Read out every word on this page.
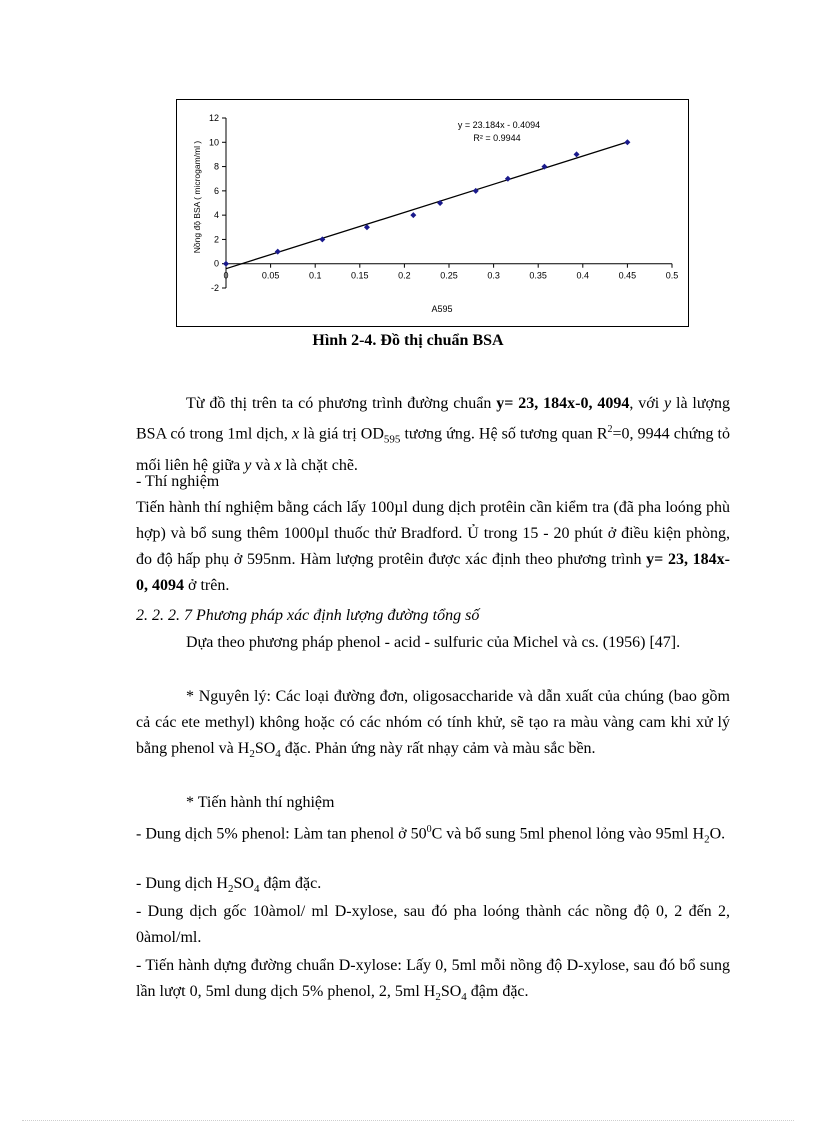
-2
0
2
4
6
8
10
12
0	0.05	0.1	0.15	0.2	0.25	0.3	0.35	0.4	0.45	0.5
y = 23.184x - 0.4094
R² = 0.9944
A595
Nồng độ BSA ( microgam/ml )
Hình 2-4. Đồ thị chuẩn BSA

Từ đồ thị trên ta có phương trình đường chuẩn y= 23, 184x-0, 4094, với y là lượng BSA có trong 1ml dịch, x là giá trị $OD_{595}$ tương ứng. Hệ số tương quan $R^2=0$, 9944 chứng tỏ mối liên hệ giữa y và x là chặt chẽ.

- Thí nghiệm

Tiến hành thí nghiệm bằng cách lấy 100µl dung dịch protêin cần kiểm tra (đã pha loóng phù hợp) và bổ sung thêm 1000µl thuốc thử Bradford. Ủ trong 15 - 20 phút ở điều kiện phòng, đo độ hấp phụ ở 595nm. Hàm lượng protêin được xác định theo phương trình y= 23, 184x-0, 4094 ở trên.

2. 2. 2. 7 Phương pháp xác định lượng đường tổng số

Dựa theo phương pháp phenol - acid - sulfuric của Michel và cs. (1956) [47].

* Nguyên lý: Các loại đường đơn, oligosaccharide và dẫn xuất của chúng (bao gồm cả các ete methyl) không hoặc có các nhóm có tính khử, sẽ tạo ra màu vàng cam khi xử lý bằng phenol và $H_2SO_4$ đặc. Phản ứng này rất nhạy cảm và màu sắc bền.

* Tiến hành thí nghiệm

- Dung dịch 5% phenol: Làm tan phenol ở $50^0C$ và bổ sung 5ml phenol lỏng vào 95ml $H_2O$.

- Dung dịch $H_2SO_4$ đậm đặc.

- Dung dịch gốc 10àmol/ ml D-xylose, sau đó pha loóng thành các nồng độ 0, 2 đến 2, 0àmol/ml.

- Tiến hành dựng đường chuẩn D-xylose: Lấy 0, 5ml mỗi nồng độ D-xylose, sau đó bổ sung lần lượt 0, 5ml dung dịch 5% phenol, 2, 5ml $H_2SO_4$ đậm đặc.
